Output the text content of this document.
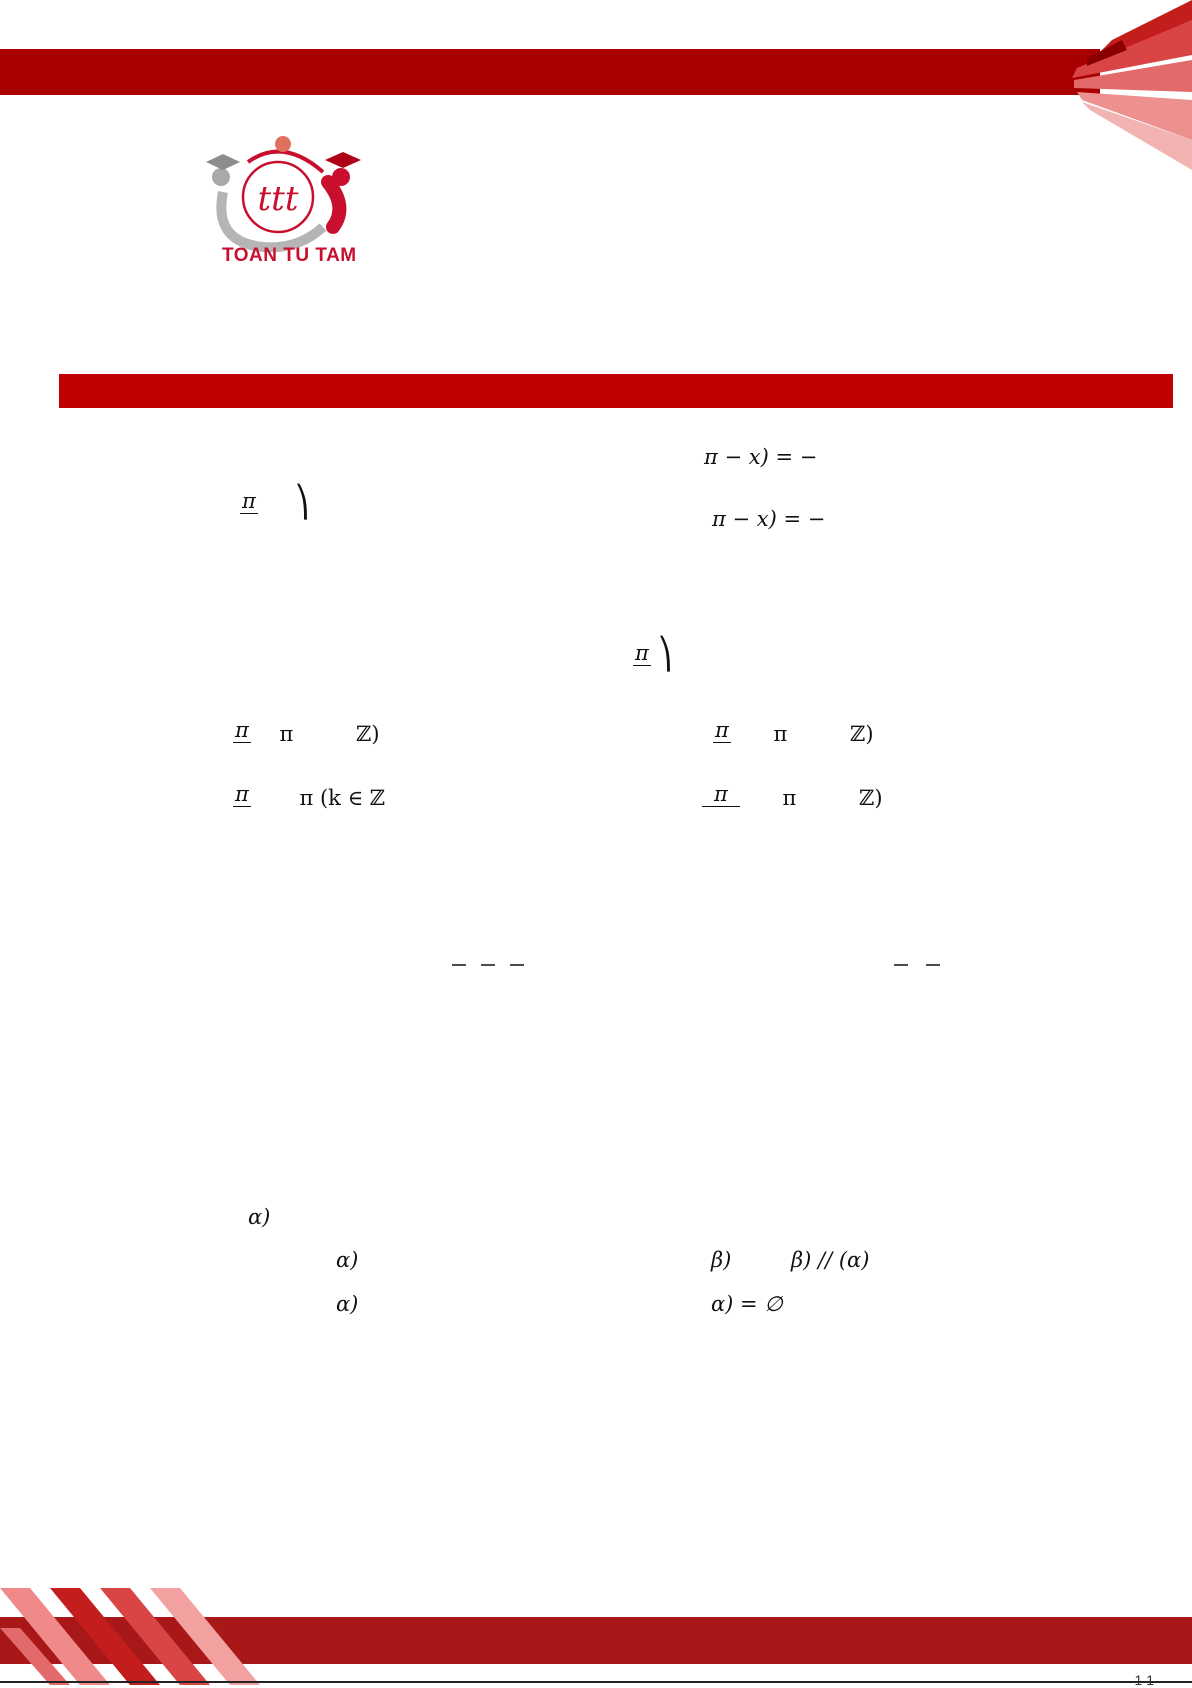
ttt
TOAN TU TAM
π − x) = −
π ⎞	π − x) = −
π ⎞
π π	ℤ)	π π	ℤ)
π π (k ∈ ℤ	π	π	ℤ)
α)
α)	β)	β) // (α)
α)	α) = ∅
1 1
